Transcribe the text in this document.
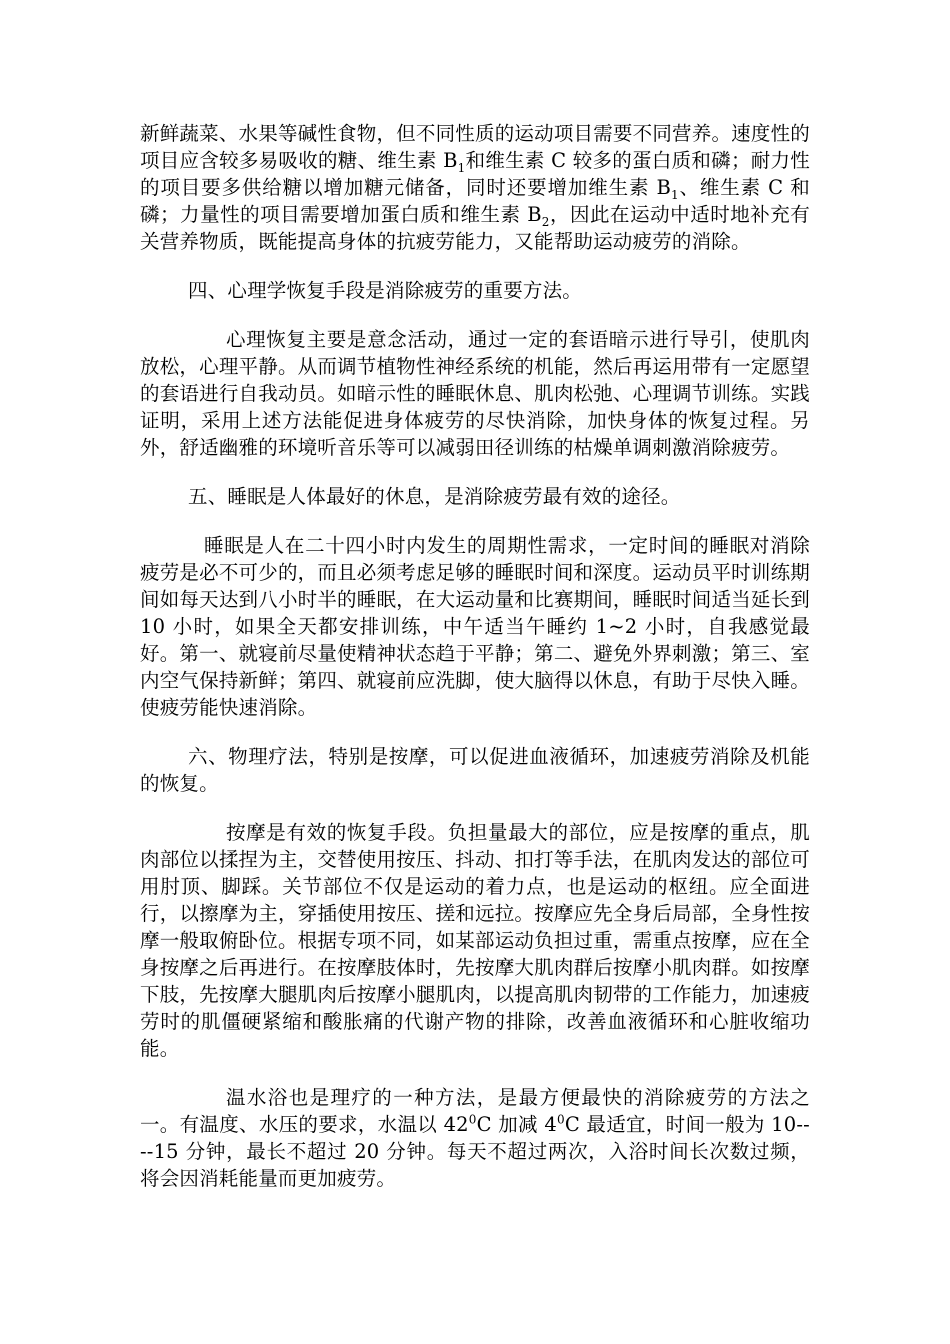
新鲜蔬菜、水果等碱性食物，但不同性质的运动项目需要不同营养。速度性的项目应含较多易吸收的糖、维生素 $B_1$和维生素 C 较多的蛋白质和磷；耐力性的项目要多供给糖以增加糖元储备，同时还要增加维生素 $B_1$、维生素 C 和磷；力量性的项目需要增加蛋白质和维生素 $B_2$，因此在运动中适时地补充有关营养物质，既能提高身体的抗疲劳能力，又能帮助运动疲劳的消除。

四、心理学恢复手段是消除疲劳的重要方法。

心理恢复主要是意念活动，通过一定的套语暗示进行导引，使肌肉放松，心理平静。从而调节植物性神经系统的机能，然后再运用带有一定愿望的套语进行自我动员。如暗示性的睡眠休息、肌肉松弛、心理调节训练。实践证明，采用上述方法能促进身体疲劳的尽快消除，加快身体的恢复过程。另外，舒适幽雅的环境听音乐等可以减弱田径训练的枯燥单调刺激消除疲劳。

五、睡眠是人体最好的休息，是消除疲劳最有效的途径。

睡眠是人在二十四小时内发生的周期性需求，一定时间的睡眠对消除疲劳是必不可少的，而且必须考虑足够的睡眠时间和深度。运动员平时训练期间如每天达到八小时半的睡眠，在大运动量和比赛期间，睡眠时间适当延长到 10 小时，如果全天都安排训练，中午适当午睡约 1~2 小时，自我感觉最好。第一、就寝前尽量使精神状态趋于平静；第二、避免外界刺激；第三、室内空气保持新鲜；第四、就寝前应洗脚，使大脑得以休息，有助于尽快入睡。使疲劳能快速消除。

六、物理疗法，特别是按摩，可以促进血液循环，加速疲劳消除及机能的恢复。

按摩是有效的恢复手段。负担量最大的部位，应是按摩的重点，肌肉部位以揉捏为主，交替使用按压、抖动、扣打等手法，在肌肉发达的部位可用肘顶、脚踩。关节部位不仅是运动的着力点，也是运动的枢纽。应全面进行，以擦摩为主，穿插使用按压、搓和远拉。按摩应先全身后局部，全身性按摩一般取俯卧位。根据专项不同，如某部运动负担过重，需重点按摩，应在全身按摩之后再进行。在按摩肢体时，先按摩大肌肉群后按摩小肌肉群。如按摩下肢，先按摩大腿肌肉后按摩小腿肌肉，以提高肌肉韧带的工作能力，加速疲劳时的肌僵硬紧缩和酸胀痛的代谢产物的排除，改善血液循环和心脏收缩功能。

温水浴也是理疗的一种方法，是最方便最快的消除疲劳的方法之一。有温度、水压的要求，水温以 $42^0C$ 加减 $4^0C$ 最适宜，时间一般为 10----15 分钟，最长不超过 20 分钟。每天不超过两次，入浴时间长次数过频，将会因消耗能量而更加疲劳。
